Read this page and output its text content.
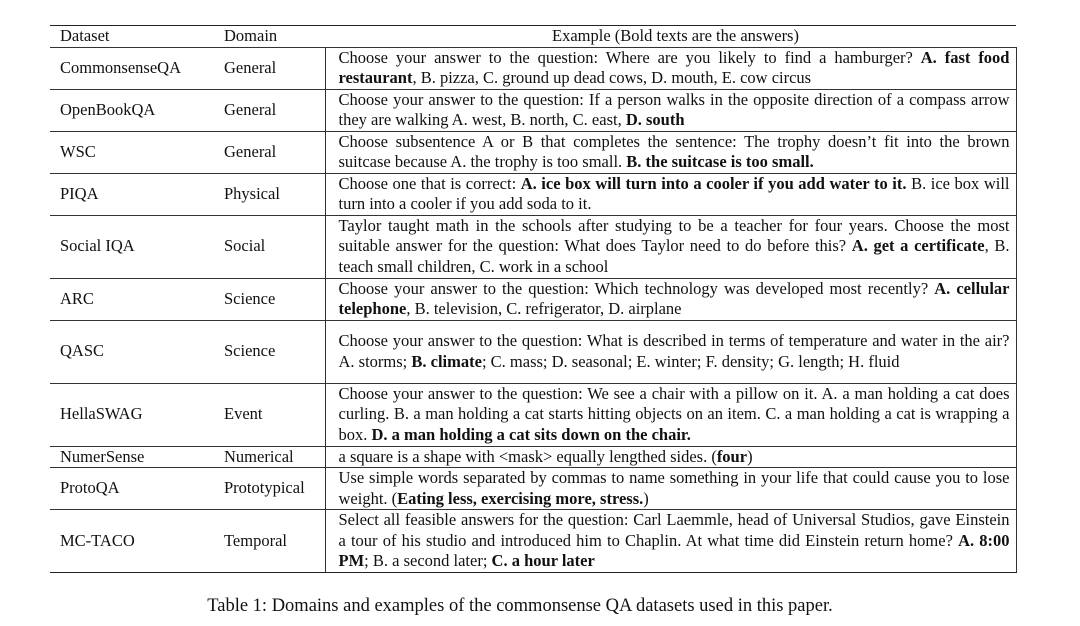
Dataset	Domain	Example (Bold texts are the answers)
CommonsenseQA	General	Choose your answer to the question: Where are you likely to find a hamburger? A. fast food restaurant, B. pizza, C. ground up dead cows, D. mouth, E. cow circus
OpenBookQA	General	Choose your answer to the question: If a person walks in the opposite direction of a compass arrow they are walking A. west, B. north, C. east, D. south
WSC	General	Choose subsentence A or B that completes the sentence: The trophy doesn’t fit into the brown suitcase because A. the trophy is too small. B. the suitcase is too small.
PIQA	Physical	Choose one that is correct: A. ice box will turn into a cooler if you add water to it. B. ice box will turn into a cooler if you add soda to it.
Social IQA	Social	Taylor taught math in the schools after studying to be a teacher for four years. Choose the most suitable answer for the question: What does Taylor need to do before this? A. get a certificate, B. teach small children, C. work in a school
ARC	Science	Choose your answer to the question: Which technology was developed most recently? A. cellular telephone, B. television, C. refrigerator, D. airplane
QASC	Science	Choose your answer to the question: What is described in terms of temperature and water in the air? A. storms; B. climate; C. mass; D. seasonal; E. winter; F. density; G. length; H. fluid
HellaSWAG	Event	Choose your answer to the question: We see a chair with a pillow on it. A. a man holding a cat does curling. B. a man holding a cat starts hitting objects on an item. C. a man holding a cat is wrapping a box. D. a man holding a cat sits down on the chair.
NumerSense	Numerical	a square is a shape with <mask> equally lengthed sides. (four)
ProtoQA	Prototypical	Use simple words separated by commas to name something in your life that could cause you to lose weight. (Eating less, exercising more, stress.)
MC-TACO	Temporal	Select all feasible answers for the question: Carl Laemmle, head of Universal Studios, gave Einstein a tour of his studio and introduced him to Chaplin. At what time did Einstein return home? A. 8:00 PM; B. a second later; C. a hour later
Table 1: Domains and examples of the commonsense QA datasets used in this paper.
